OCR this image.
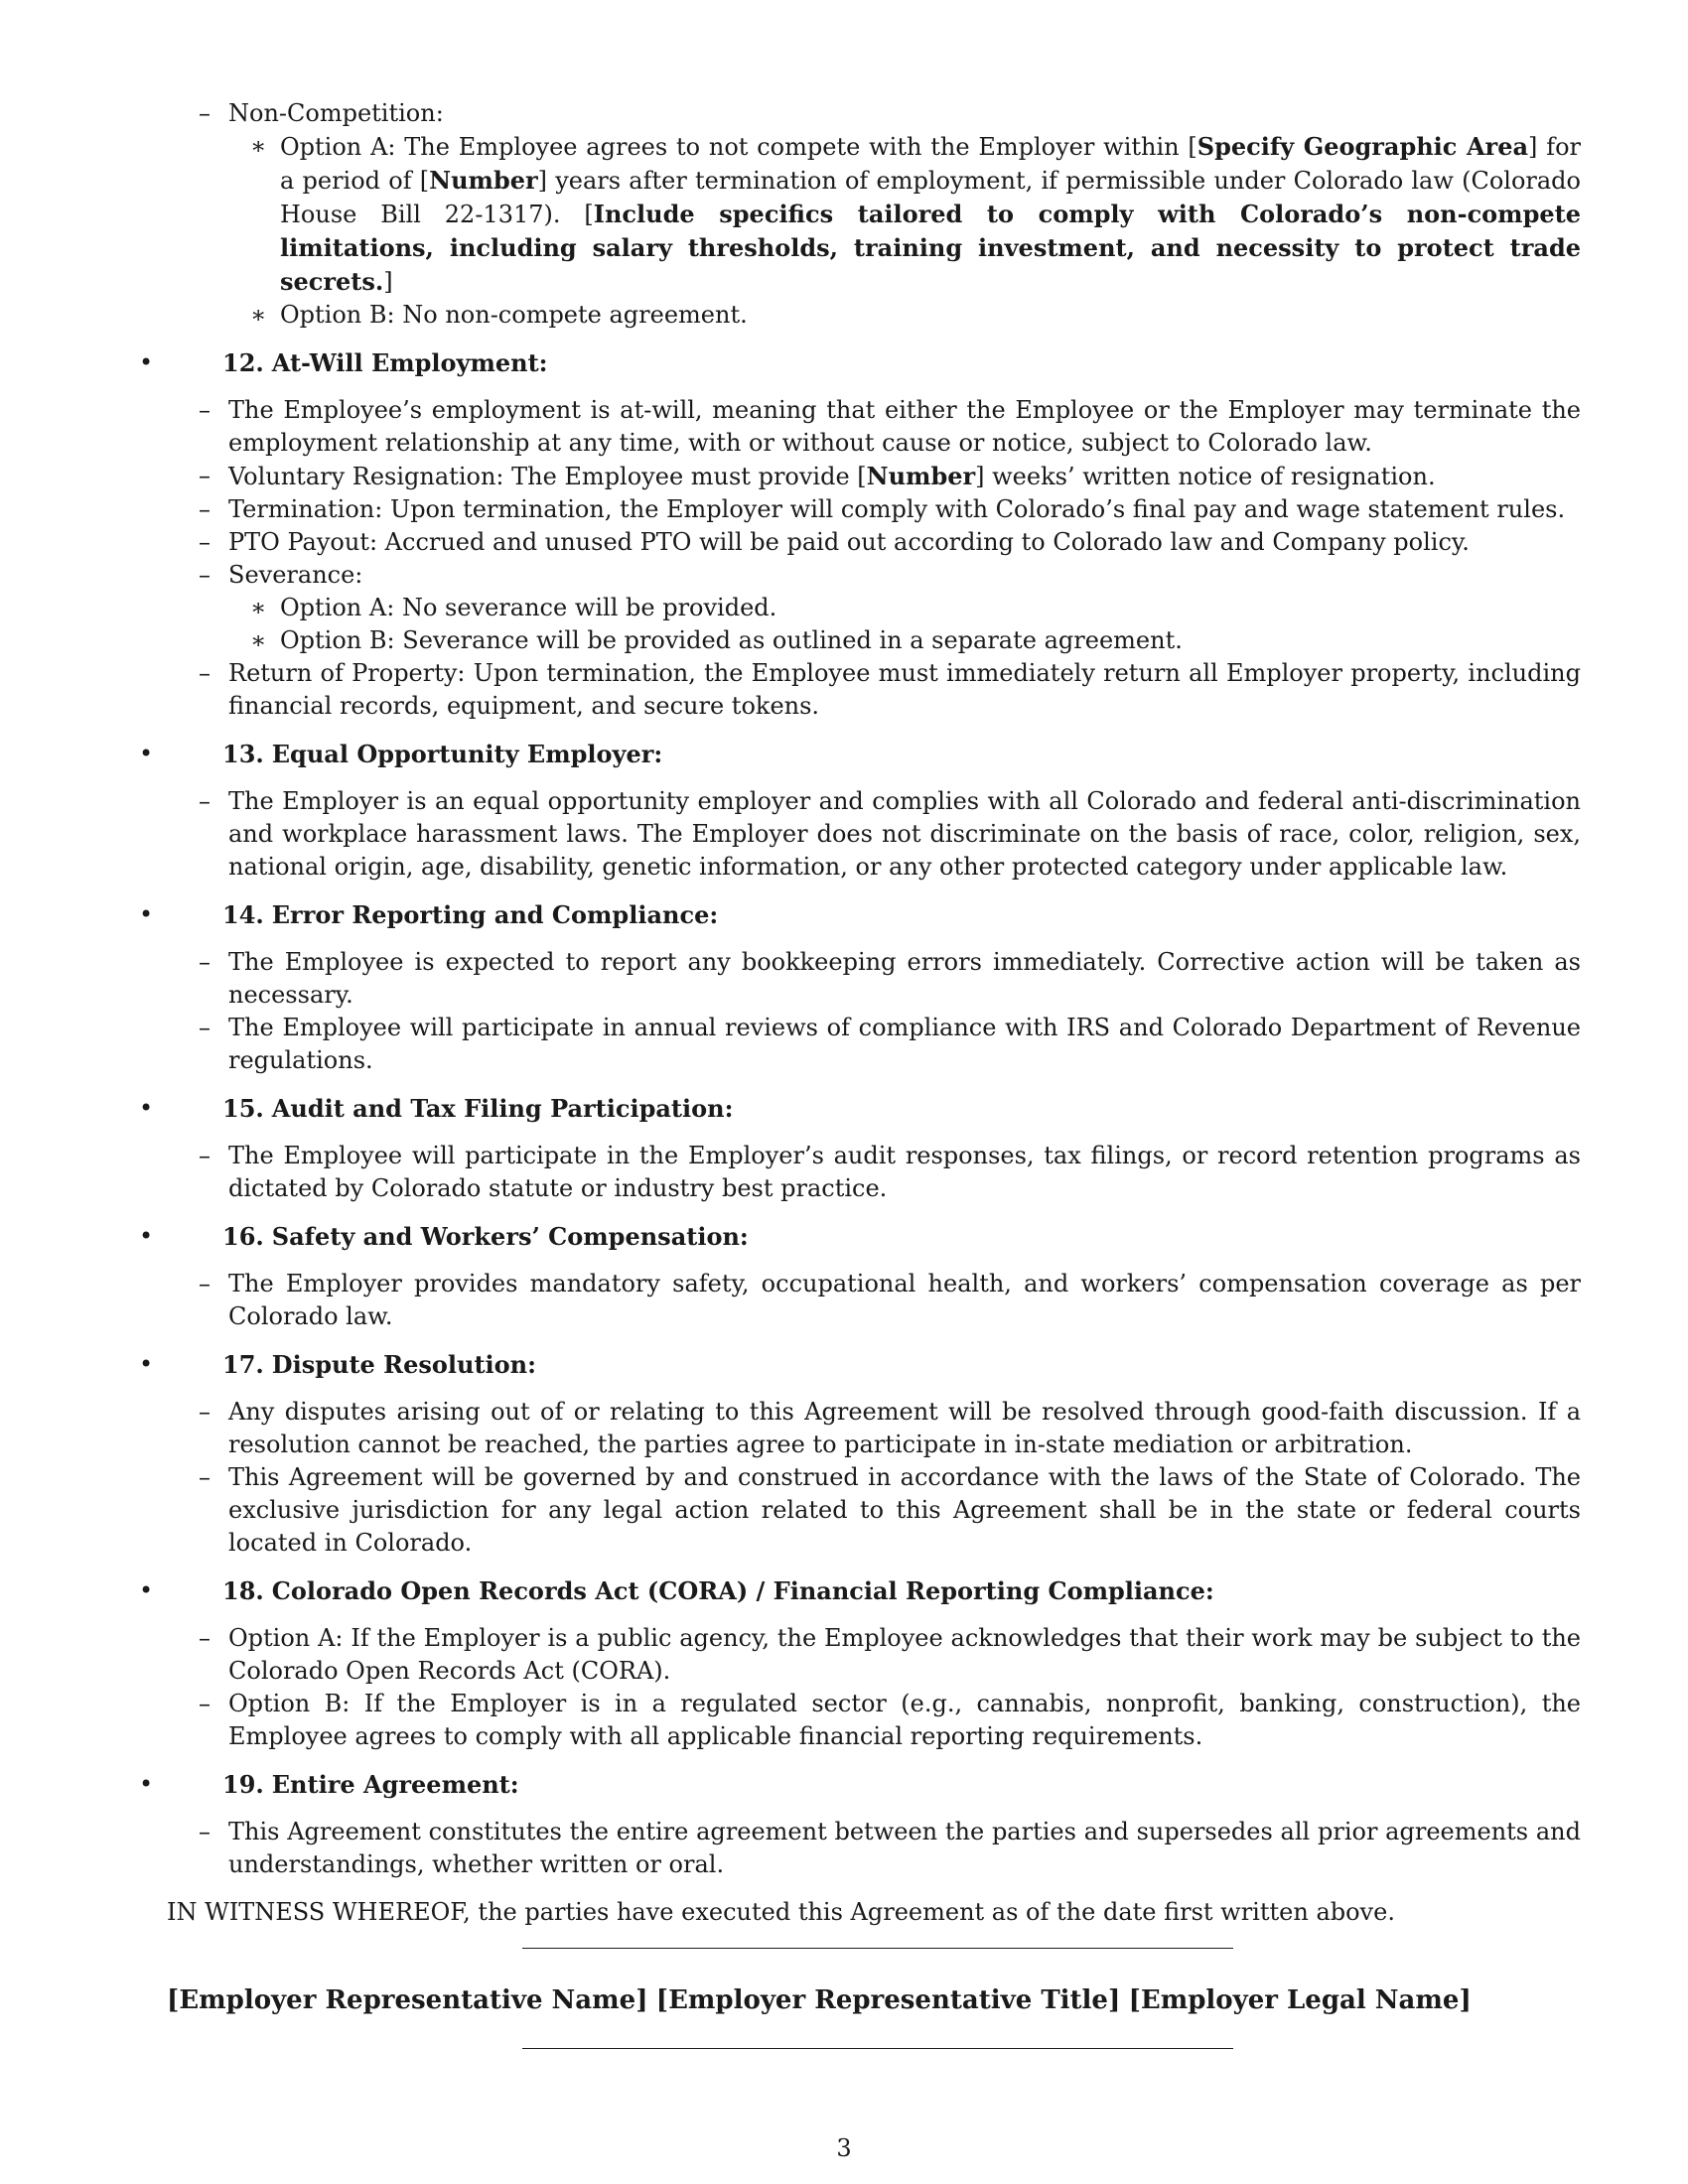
– Non-Competition:
∗ Option A: The Employee agrees to not compete with the Employer within [Specify Geographic Area] for a period of [Number] years after termination of employment, if permissible under Colorado law (Colorado House Bill 22-1317). [Include specifics tailored to comply with Colorado’s non-compete limitations, including salary thresholds, training investment, and necessity to protect trade secrets.]
∗ Option B: No non-compete agreement.
•	12. At-Will Employment:
– The Employee’s employment is at-will, meaning that either the Employee or the Employer may terminate the employment relationship at any time, with or without cause or notice, subject to Colorado law.
– Voluntary Resignation: The Employee must provide [Number] weeks’ written notice of resignation.
– Termination: Upon termination, the Employer will comply with Colorado’s final pay and wage statement rules.
– PTO Payout: Accrued and unused PTO will be paid out according to Colorado law and Company policy.
– Severance:
∗ Option A: No severance will be provided.
∗ Option B: Severance will be provided as outlined in a separate agreement.
– Return of Property: Upon termination, the Employee must immediately return all Employer property, including financial records, equipment, and secure tokens.
•	13. Equal Opportunity Employer:
– The Employer is an equal opportunity employer and complies with all Colorado and federal anti-discrimination and workplace harassment laws. The Employer does not discriminate on the basis of race, color, religion, sex, national origin, age, disability, genetic information, or any other protected category under applicable law.
•	14. Error Reporting and Compliance:
– The Employee is expected to report any bookkeeping errors immediately. Corrective action will be taken as necessary.
– The Employee will participate in annual reviews of compliance with IRS and Colorado Department of Revenue regulations.
•	15. Audit and Tax Filing Participation:
– The Employee will participate in the Employer’s audit responses, tax filings, or record retention programs as dictated by Colorado statute or industry best practice.
•	16. Safety and Workers’ Compensation:
– The Employer provides mandatory safety, occupational health, and workers’ compensation coverage as per Colorado law.
•	17. Dispute Resolution:
– Any disputes arising out of or relating to this Agreement will be resolved through good-faith discussion. If a resolution cannot be reached, the parties agree to participate in in-state mediation or arbitration.
– This Agreement will be governed by and construed in accordance with the laws of the State of Colorado. The exclusive jurisdiction for any legal action related to this Agreement shall be in the state or federal courts located in Colorado.
•	18. Colorado Open Records Act (CORA) / Financial Reporting Compliance:
– Option A: If the Employer is a public agency, the Employee acknowledges that their work may be subject to the Colorado Open Records Act (CORA).
– Option B: If the Employer is in a regulated sector (e.g., cannabis, nonprofit, banking, construction), the Employee agrees to comply with all applicable financial reporting requirements.
•	19. Entire Agreement:
– This Agreement constitutes the entire agreement between the parties and supersedes all prior agreements and understandings, whether written or oral.
IN WITNESS WHEREOF, the parties have executed this Agreement as of the date first written above.
[Employer Representative Name] [Employer Representative Title] [Employer Legal Name]
3
